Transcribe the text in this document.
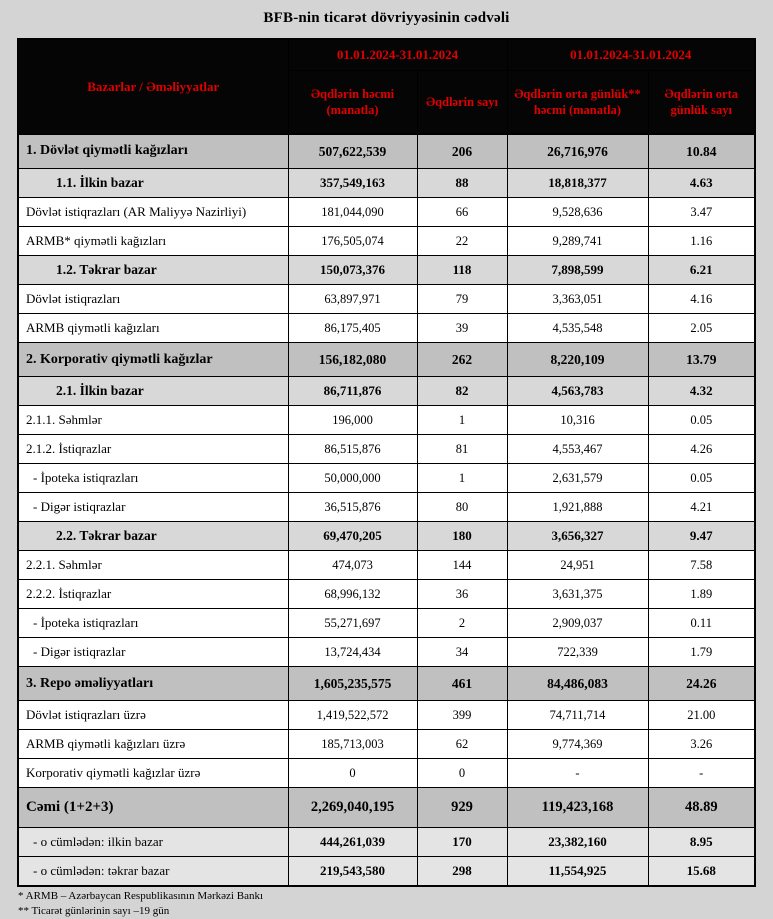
BFB-nin ticarət dövriyyəsinin cədvəli
Bazarlar / Əməliyyatlar	01.01.2024-31.01.2024		01.01.2024-31.01.2024	
	Əqdlərin həcmi (manatla)	Əqdlərin sayı	Əqdlərin orta günlük** həcmi (manatla)	Əqdlərin orta günlük sayı
1. Dövlət qiymətli kağızları	507,622,539	206	26,716,976	10.84
1.1. İlkin bazar	357,549,163	88	18,818,377	4.63
Dövlət istiqrazları (AR Maliyyə Nazirliyi)	181,044,090	66	9,528,636	3.47
ARMB* qiymətli kağızları	176,505,074	22	9,289,741	1.16
1.2. Təkrar bazar	150,073,376	118	7,898,599	6.21
Dövlət istiqrazları	63,897,971	79	3,363,051	4.16
ARMB qiymətli kağızları	86,175,405	39	4,535,548	2.05
2. Korporativ qiymətli kağızlar	156,182,080	262	8,220,109	13.79
2.1. İlkin bazar	86,711,876	82	4,563,783	4.32
2.1.1. Səhmlər	196,000	1	10,316	0.05
2.1.2. İstiqrazlar	86,515,876	81	4,553,467	4.26
- İpoteka istiqrazları	50,000,000	1	2,631,579	0.05
- Digər istiqrazlar	36,515,876	80	1,921,888	4.21
2.2. Təkrar bazar	69,470,205	180	3,656,327	9.47
2.2.1. Səhmlər	474,073	144	24,951	7.58
2.2.2. İstiqrazlar	68,996,132	36	3,631,375	1.89
- İpoteka istiqrazları	55,271,697	2	2,909,037	0.11
- Digər istiqrazlar	13,724,434	34	722,339	1.79
3. Repo əməliyyatları	1,605,235,575	461	84,486,083	24.26
Dövlət istiqrazları üzrə	1,419,522,572	399	74,711,714	21.00
ARMB qiymətli kağızları üzrə	185,713,003	62	9,774,369	3.26
Korporativ qiymətli kağızlar üzrə	0	0	-	-
Cəmi (1+2+3)	2,269,040,195	929	119,423,168	48.89
- o cümlədən: ilkin bazar	444,261,039	170	23,382,160	8.95
- o cümlədən: təkrar bazar	219,543,580	298	11,554,925	15.68
* ARMB – Azərbaycan Respublikasının Mərkəzi Bankı
** Ticarət günlərinin sayı –19 gün
